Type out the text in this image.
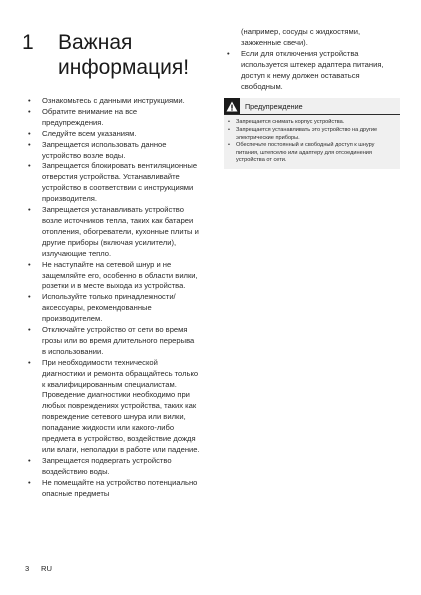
1 Важная
информация!
• Ознакомьтесь с данными инструкциями.
• Обратите внимание на все предупреждения.
• Следуйте всем указаниям.
• Запрещается использовать данное устройство возле воды.
• Запрещается блокировать вентиляционные отверстия устройства. Устанавливайте устройство в соответствии с инструкциями производителя.
• Запрещается устанавливать устройство возле источников тепла, таких как батареи отопления, обогреватели, кухонные плиты и другие приборы (включая усилители), излучающие тепло.
• Не наступайте на сетевой шнур и не защемляйте его, особенно в области вилки, розетки и в месте выхода из устройства.
• Используйте только принадлежности/аксессуары, рекомендованные производителем.
• Отключайте устройство от сети во время грозы или во время длительного перерыва в использовании.
• При необходимости технической диагностики и ремонта обращайтесь только к квалифицированным специалистам. Проведение диагностики необходимо при любых повреждениях устройства, таких как повреждение сетевого шнура или вилки, попадание жидкости или какого-либо предмета в устройство, воздействие дождя или влаги, неполадки в работе или падение.
• Запрещается подвергать устройство воздействию воды.
• Не помещайте на устройство потенциально опасные предметы
(например, сосуды с жидкостями, зажженные свечи).
• Если для отключения устройства используется штекер адаптера питания, доступ к нему должен оставаться свободным.
Предупреждение
• Запрещается снимать корпус устройства.
• Запрещается устанавливать это устройство на другие электрические приборы.
• Обеспечьте постоянный и свободный доступ к шнуру питания, штепселю или адаптеру для отсоединения устройства от сети.
3 RU
